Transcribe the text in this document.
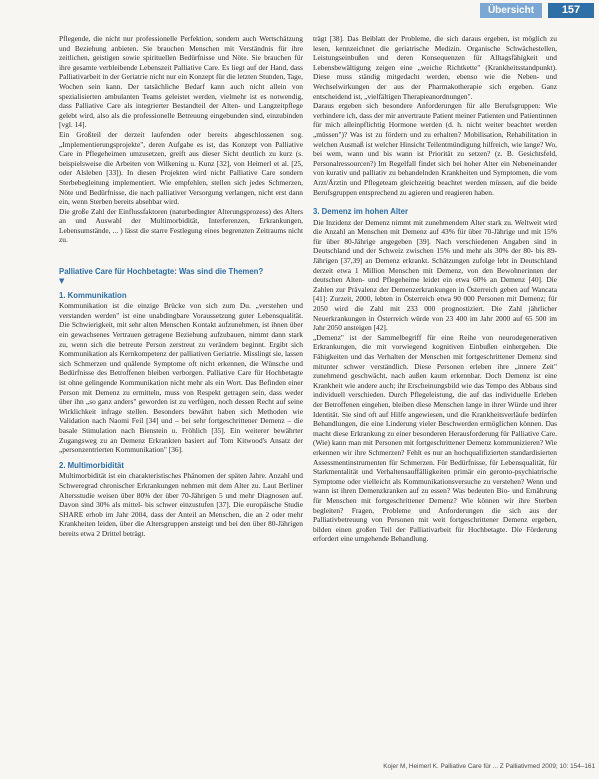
Übersicht	157

Pflegende, die nicht nur professionelle Perfektion, sondern auch Wertschätzung und Beziehung anbieten. Sie brauchen Menschen mit Verständnis für ihre zeitlichen, geistigen sowie spirituellen Bedürfnisse und Nöte. Sie brauchen für ihre gesamte verbleibende Lebenszeit Palliative Care. Es liegt auf der Hand, dass Palliativarbeit in der Geriatrie nicht nur ein Konzept für die letzten Stunden, Tage, Wochen sein kann. Der tatsächliche Bedarf kann auch nicht allein von spezialisierten ambulanten Teams geleistet werden, vielmehr ist es notwendig, dass Palliative Care als integrierter Bestandteil der Alten- und Langzeitpflege gelebt wird, also als die professionelle Betreuung eingebunden sind, einzubinden [vgl. 14].

Ein Großteil der derzeit laufenden oder bereits abgeschlossenen sog. „Implementierungsprojekte", deren Aufgabe es ist, das Konzept von Palliative Care in Pflegeheimen umzusetzen, greift aus dieser Sicht deutlich zu kurz (s. beispielsweise die Arbeiten von Wilkening u. Kunz [32], von Heimerl et al. [25, oder Alsleben [33]). In diesen Projekten wird nicht Palliative Care sondern Sterbebegleitung implementiert. Wie empfehlen, stellen sich jedes Schmerzen, Nöte und Bedürfnisse, die nach palliativer Versorgung verlangen, nicht erst dann ein, wenn Sterben bereits absehbar wird.

Die große Zahl der Einflussfaktoren (naturbedingter Alterungsprozess) des Alters an und Auswahl der Multimorbidität, Interferenzen, Erkrankungen, Lebensumstände, ... ) lässt die starre Festlegung eines begrenzten Zeitraums nicht zu.

Palliative Care für Hochbetagte: Was sind die Themen?
▼
1. Kommunikation

Kommunikation ist die einzige Brücke von sich zum Du. „verstehen und verstanden werden" ist eine unabdingbare Voraussetzung guter Lebensqualität. Die Schwierigkeit, mit sehr alten Menschen Kontakt aufzunehmen, ist ihnen über ein gewachsenes Vertrauen getragene Beziehung aufzubauen, nimmt dann stark zu, wenn sich die betreute Person zerstreut zu verändern beginnt. Ergibt sich Kommunikation als Kernkompetenz der palliativen Geriatrie. Misslingt sie, lassen sich Schmerzen und quälende Symptome oft nicht erkennen, die Wünsche und Bedürfnisse des Betroffenen bleiben verborgen. Palliative Care für Hochbetagte ist ohne gelingende Kommunikation nicht mehr als ein Wort. Das Befinden einer Person mit Demenz zu ermitteln, muss von Respekt getragen sein, dass weder über ihn „so ganz anders" geworden ist zu verfügen, noch dessen Recht auf seine Wirklichkeit infrage stellen. Besonders bewährt haben sich Methoden wie Validation nach Naomi Feil [34] und – bei sehr fortgeschrittener Demenz – die basale Stimulation nach Bienstein u. Fröhlich [35]. Ein weiterer bewährter Zugangsweg zu an Demenz Erkrankten basiert auf Tom Kitwood's Ansatz der „personzentrierten Kommunikation" [36].

2. Multimorbidität

Multimorbidität ist ein charakteristisches Phänomen der späten Jahre. Anzahl und Schweregrad chronischer Erkrankungen nehmen mit dem Alter zu. Laut Berliner Altersstudie weisen über 80% der über 70-Jährigen 5 und mehr Diagnosen auf. Davon sind 30% als mittel- bis schwer einzustufen [37]. Die europäische Studie SHARE erhob im Jahr 2004, dass der Anteil an Menschen, die an 2 oder mehr Krankheiten leiden, über die Altersgruppen ansteigt und bei den über 80-Jährigen bereits etwa 2 Drittel beträgt.

trägt [38]. Das Beiblatt der Probleme, die sich daraus ergeben, ist möglich zu lesen, kennzeichnet die geriatrische Medizin. Organische Schwächestellen, Leistungseinbußen und deren Konsequenzen für Alltagsfähigkeit und Lebensbewältigung zeigen eine „weiche Richtkette" (Krankheitsstandpunkt). Diese muss ständig mitgedacht werden, ebenso wie die Neben- und Wechselwirkungen der aus der Pharmakotherapie sich ergeben. Ganz entscheidend ist, „vielfältigen Therapieanordnungen".

Daraus ergeben sich besondere Anforderungen für alle Berufsgruppen: Wie verhindere ich, dass der mir anvertraute Patient meiner Patienten und Patientinnen für mich alleinpflichtig Hormone werden (d. h. nicht weiter beachtet werden „müssen")? Was ist zu fördern und zu erhalten? Mobilisation, Rehabilitation in welchen Ausmaß ist welcher Hinsicht Teilentmündigung hilfreich, wie lange? Wo, bei wem, wann und bis wann ist Priorität zu setzen? (z. B. Gesichtsfeld, Personalressourcen?) Im Regelfall findet sich bei hoher Alter ein Nebeneinander von kurativ und palliativ zu behandelnden Krankheiten und Symptomen, die vom Arzt/Ärztin und Pflegeteam gleichzeitig beachtet werden müssen, auf die beide Berufsgruppen entsprechend zu agieren und reagieren haben.

3. Demenz im hohen Alter

Die Inzidenz der Demenz nimmt mit zunehmendem Alter stark zu. Weltweit wird die Anzahl an Menschen mit Demenz auf 43% für über 70-Jährige und mit 15% für über 80-Jährige angegeben [39]. Nach verschiedenen Angaben sind in Deutschland und der Schweiz zwischen 15% und mehr als 30% der 80- bis 89-Jährigen [37,39] an Demenz erkrankt. Schätzungen zufolge lebt in Deutschland derzeit etwa 1 Million Menschen mit Demenz, von den Bewohnerinnen der deutschen Alten- und Pflegeheime leidet ein etwa 60% an Demenz [40]. Die Zahlen zur Prävalenz der Demenzerkrankungen in Österreich geben auf Wancata [41]: Zurzeit, 2000, lebten in Österreich etwa 90 000 Personen mit Demenz; für 2050 wird die Zahl mit 233 000 prognostiziert. Die Zahl jährlicher Neuerkrankungen in Österreich würde von 23 400 im Jahr 2000 auf 65 500 im Jahr 2050 ansteigen [42].

„Demenz" ist der Sammelbegriff für eine Reihe von neurodegenerativen Erkrankungen, die mit vorwiegend kognitiven Einbußen einhergehen. Die Fähigkeiten und das Verhalten der Menschen mit fortgeschrittener Demenz sind mitunter schwer verständlich. Diese Personen erleben ihre „innere Zeit" zunehmend geschwächt, nach außen kaum erkennbar. Doch Demenz ist eine Krankheit wie andere auch; ihr Erscheinungsbild wie das Tempo des Abbaus sind individuell verschieden. Durch Pflegeleistung, die auf das individuelle Erleben der Betroffenen eingehen, bleiben diese Menschen lange in ihrer Würde und ihrer Identität. Sie sind oft auf Hilfe angewiesen, und die Krankheitsverläufe bedürfen Behandlungen, die eine Linderung vieler Beschwerden ermöglichen können. Das macht diese Erkrankung zu einer besonderen Herausforderung für Palliative Care. (Wie) kann man mit Personen mit fortgeschrittener Demenz kommunizieren? Wie erkennen wir ihre Schmerzen? Fehlt es nur an hochqualifizierten standardisierten Assessmentinstrumenten für Schmerzen. Für Bedürfnisse, für Lebensqualität, für Starkmentalität und Verhaltensauffälligkeiten primär ein geronto-psychiatrische Symptome oder vielleicht als Kommunikationsversuche zu verstehen? Wenn und wann ist ihren Demenzkranken auf zu essen? Was bedeuten Bio- und Ernährung für Menschen mit fortgeschrittener Demenz? Wie können wir ihre Sterben begleiten? Fragen, Probleme und Anforderungen die sich aus der Palliativbetreuung von Personen mit weit fortgeschrittener Demenz ergeben, bilden einen großen Teil der Palliativarbeit für Hochbetagte. Die Förderung erfordert eine umgehende Behandlung.

Kojer M, Heimerl K. Palliative Care für ... Z Palliativmed 2009; 10: 154–161
